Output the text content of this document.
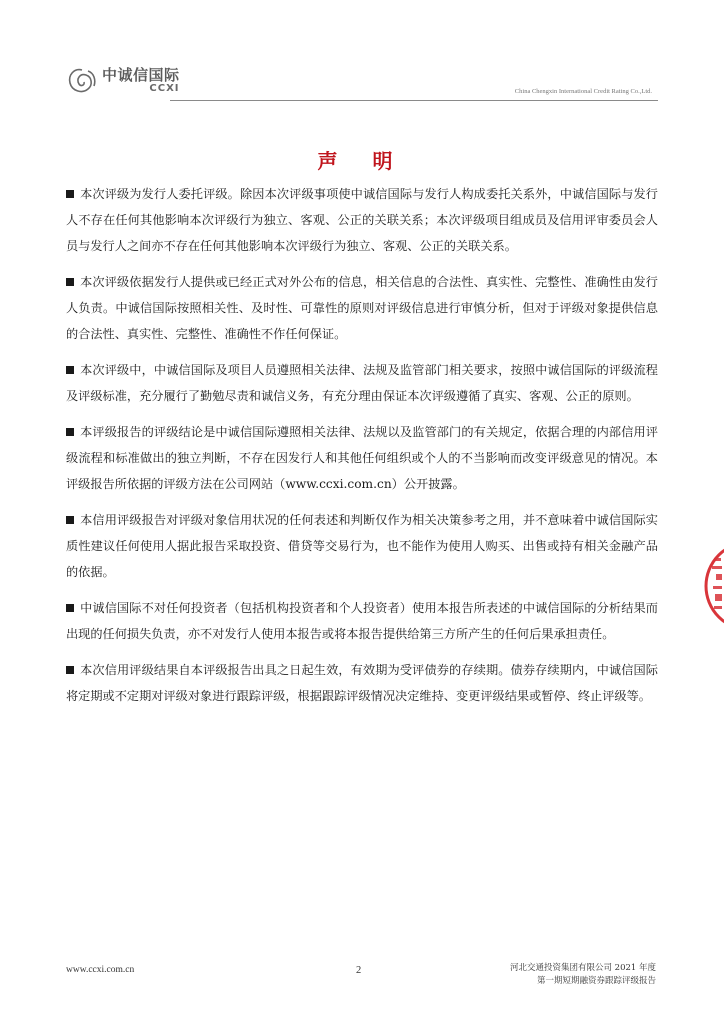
中诚信国际
CCXI	China Chengxin International Credit Rating Co.,Ltd.
声 明

本次评级为发行人委托评级。除因本次评级事项使中诚信国际与发行人构成委托关系外，中诚信国际与发行人不存在任何其他影响本次评级行为独立、客观、公正的关联关系；本次评级项目组成员及信用评审委员会人员与发行人之间亦不存在任何其他影响本次评级行为独立、客观、公正的关联关系。

本次评级依据发行人提供或已经正式对外公布的信息，相关信息的合法性、真实性、完整性、准确性由发行人负责。中诚信国际按照相关性、及时性、可靠性的原则对评级信息进行审慎分析，但对于评级对象提供信息的合法性、真实性、完整性、准确性不作任何保证。

本次评级中，中诚信国际及项目人员遵照相关法律、法规及监管部门相关要求，按照中诚信国际的评级流程及评级标准，充分履行了勤勉尽责和诚信义务，有充分理由保证本次评级遵循了真实、客观、公正的原则。

本评级报告的评级结论是中诚信国际遵照相关法律、法规以及监管部门的有关规定，依据合理的内部信用评级流程和标准做出的独立判断，不存在因发行人和其他任何组织或个人的不当影响而改变评级意见的情况。本评级报告所依据的评级方法在公司网站（www.ccxi.com.cn）公开披露。

本信用评级报告对评级对象信用状况的任何表述和判断仅作为相关决策参考之用，并不意味着中诚信国际实质性建议任何使用人据此报告采取投资、借贷等交易行为，也不能作为使用人购买、出售或持有相关金融产品的依据。

中诚信国际不对任何投资者（包括机构投资者和个人投资者）使用本报告所表述的中诚信国际的分析结果而出现的任何损失负责，亦不对发行人使用本报告或将本报告提供给第三方所产生的任何后果承担责任。

本次信用评级结果自本评级报告出具之日起生效，有效期为受评债券的存续期。债券存续期内，中诚信国际将定期或不定期对评级对象进行跟踪评级，根据跟踪评级情况决定维持、变更评级结果或暂停、终止评级等。

www.ccxi.com.cn	2	河北交通投资集团有限公司 2021 年度
第一期短期融资券跟踪评级报告
